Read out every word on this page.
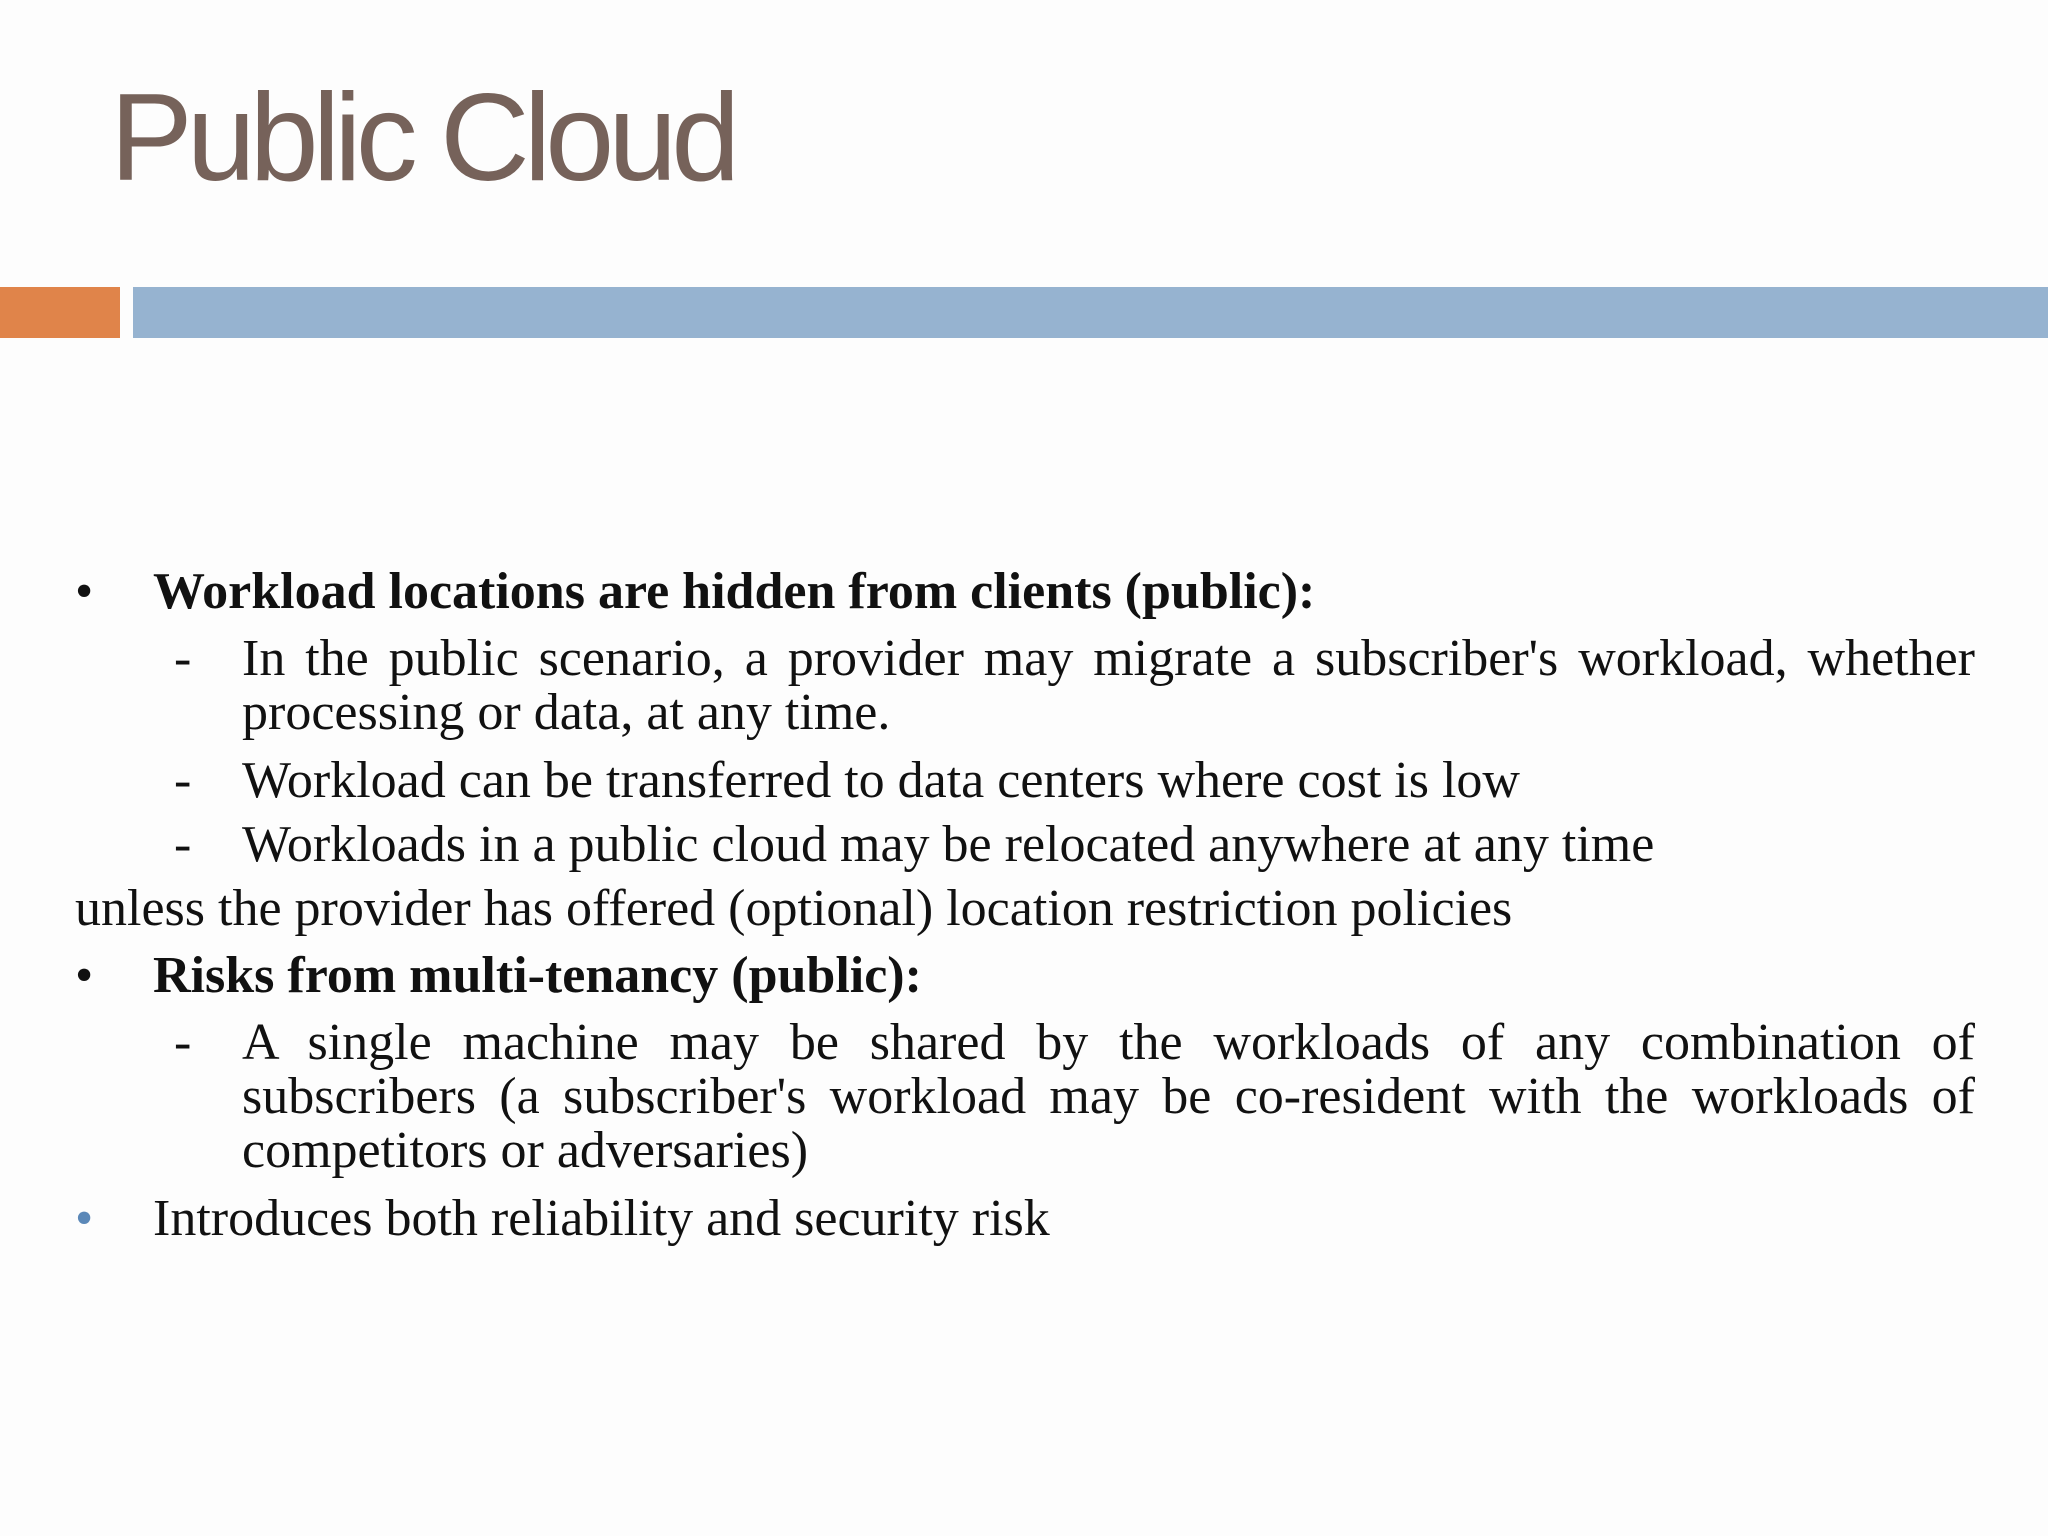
Public Cloud
• Workload locations are hidden from clients (public):
- In the public scenario, a provider may migrate a subscriber's workload, whether processing or data, at any time.
- Workload can be transferred to data centers where cost is low
- Workloads in a public cloud may be relocated anywhere at any time

unless the provider has offered (optional) location restriction policies

• Risks from multi-tenancy (public):
- A single machine may be shared by the workloads of any combination of subscribers (a subscriber's workload may be co-resident with the workloads of competitors or adversaries)
• Introduces both reliability and security risk
